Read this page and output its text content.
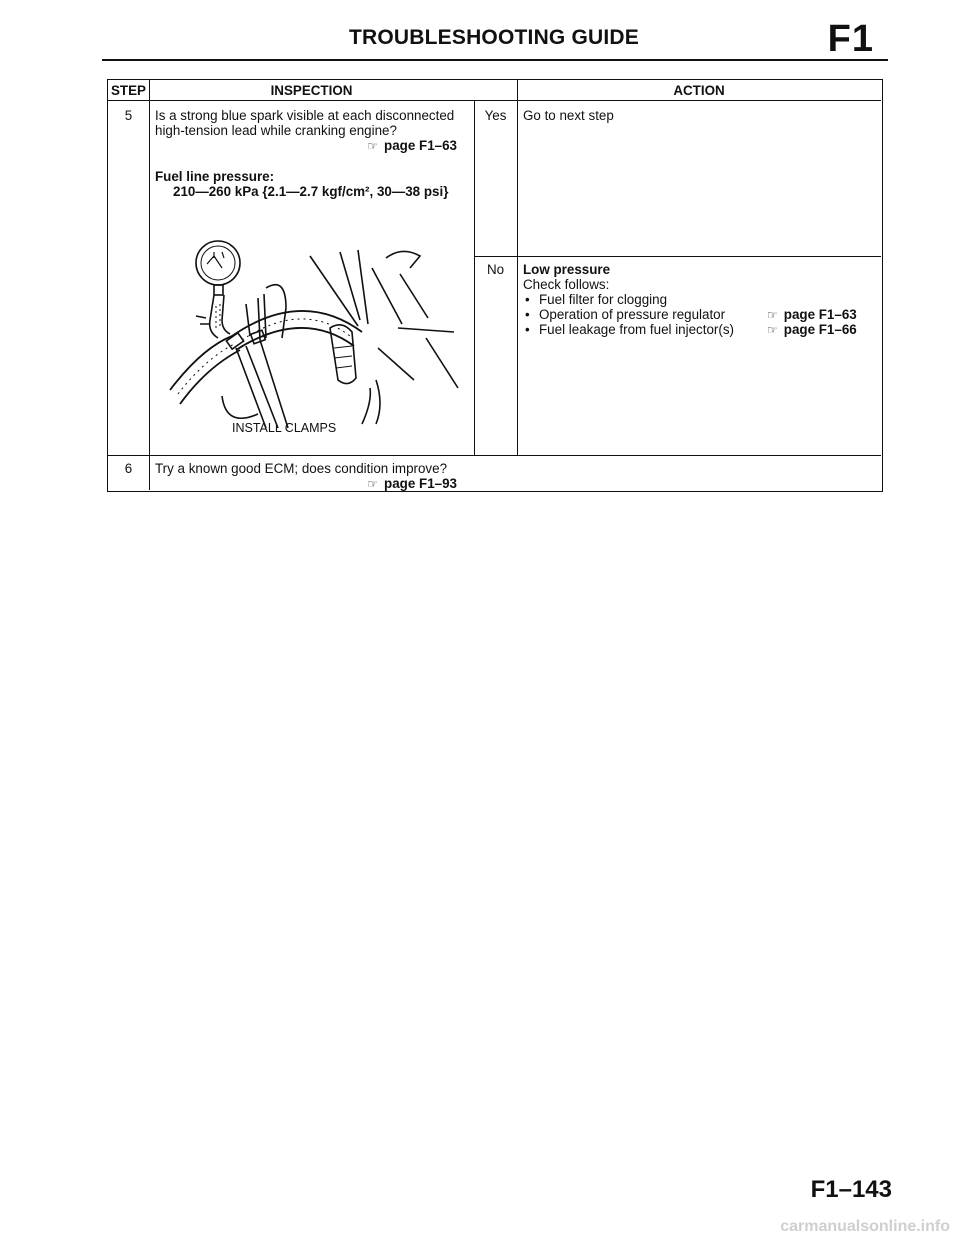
TROUBLESHOOTING GUIDE	F1
STEP	INSPECTION	ACTION
5	Is a strong blue spark visible at each disconnected
high-tension lead while cranking engine?
☞ page F1–63
Fuel line pressure:
210—260 kPa {2.1—2.7 kgf/cm², 30—38 psi}
INSTALL CLAMPS
Yes	Go to next step
No	Low pressure
Check follows:
• Fuel filter for clogging
• Operation of pressure regulator	☞ page F1–63
• Fuel leakage from fuel injector(s)	☞ page F1–66
6	Try a known good ECM; does condition improve?
☞ page F1–93
F1–143
carmanualsonline.info
